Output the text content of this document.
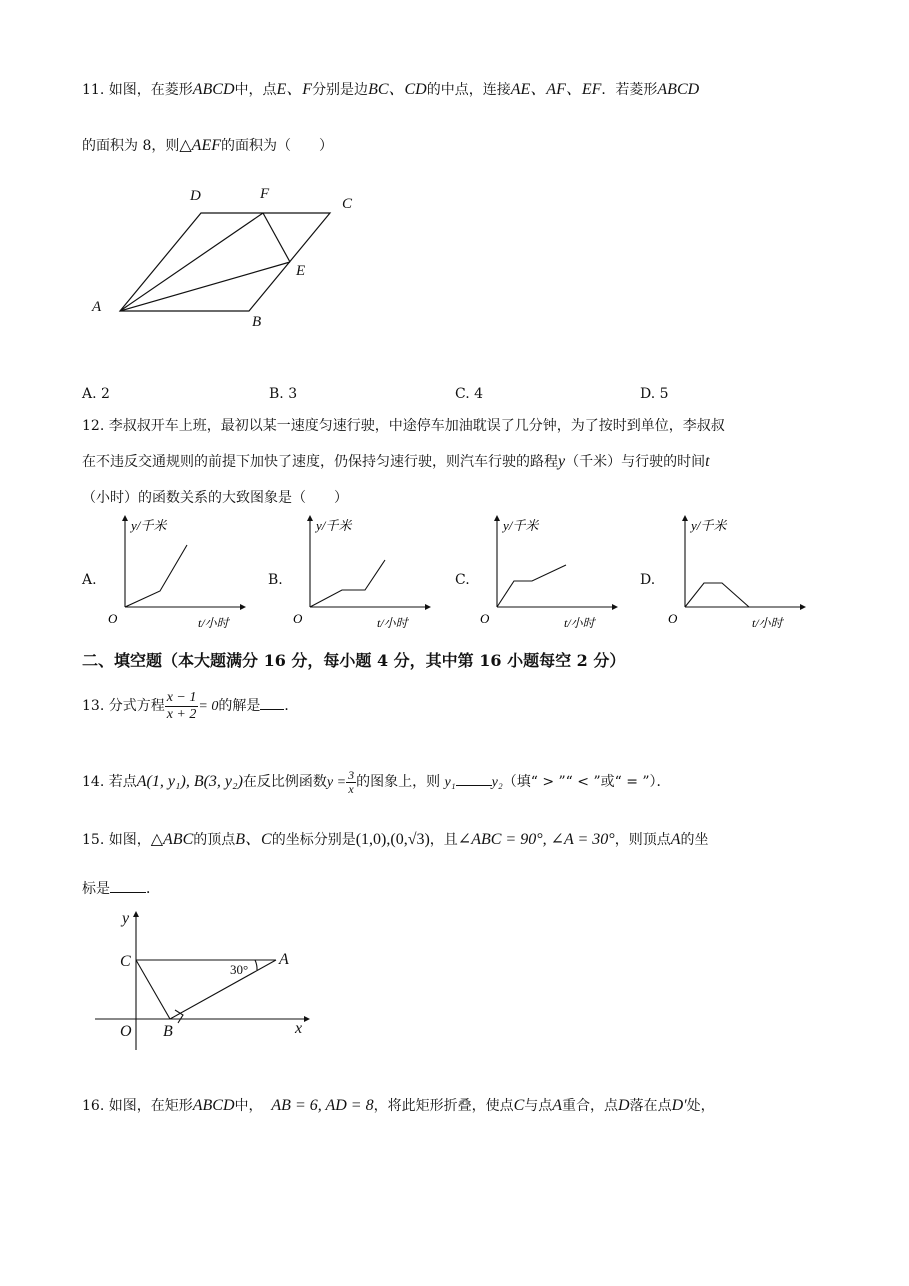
11. 如图，在菱形ABCD中，点E、F分别是边BC、CD的中点，连接AE、AF、EF．若菱形ABCD
的面积为 8，则△AEF的面积为（　　）
A
B
C
D
E
F
A. 2	B. 3	C. 4	D. 5
12. 李叔叔开车上班，最初以某一速度匀速行驶，中途停车加油耽误了几分钟，为了按时到单位，李叔叔
在不违反交通规则的前提下加快了速度，仍保持匀速行驶，则汽车行驶的路程y（千米）与行驶的时间t
（小时）的函数关系的大致图象是（　　）
A.
y/千米
O	t/小时
B.
y/千米
O	t/小时
C.
y/千米
O	t/小时
D.
y/千米
O	t/小时
二、填空题（本大题满分 16 分，每小题 4 分，其中第 16 小题每空 2 分）
13. 分式方程 $\frac{x - 1}{x + 2} = 0$的解是 ．
14. 若点A(1, y₁), B(3, y₂)在反比例函数$y = \frac{3}{x}$ 的图象上，则 y₁	y₂（填“ > ”“ < ”或“ = ”）．
15. 如图，△ABC的顶点B、C的坐标分别是(1,0),(0,√3)，且∠ABC = 90°, ∠A = 30°，则顶点A的坐
标是	．
y
x
O B
C	A
30°
16. 如图，在矩形ABCD中， AB = 6, AD = 8，将此矩形折叠，使点C与点A重合，点D落在点D′处，
